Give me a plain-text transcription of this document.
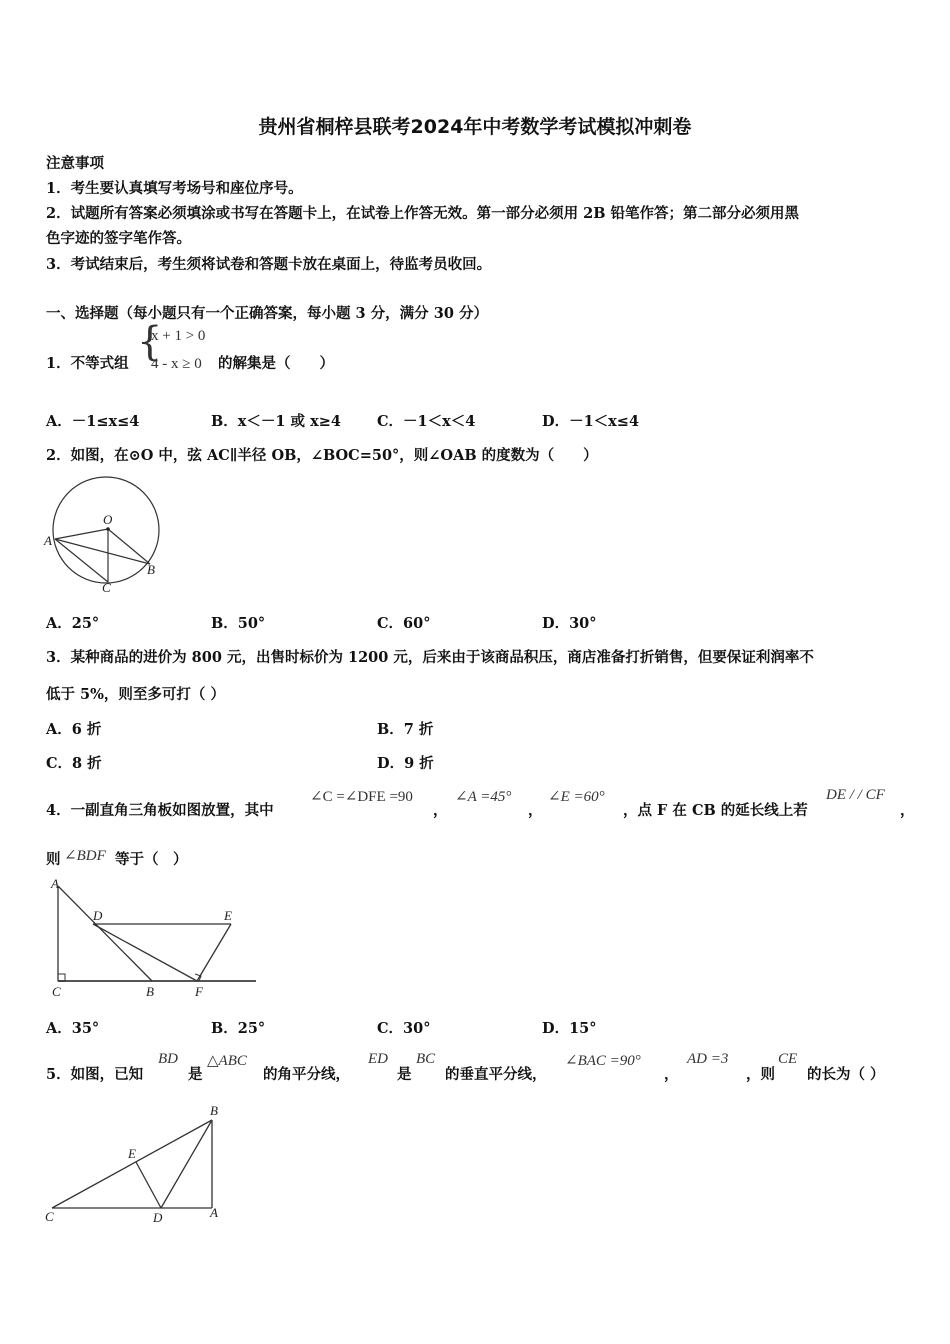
贵州省桐梓县联考2024年中考数学考试模拟冲刺卷
注意事项
1．考生要认真填写考场号和座位序号。
2．试题所有答案必须填涂或书写在答题卡上，在试卷上作答无效。第一部分必须用 2B 铅笔作答；第二部分必须用黑
色字迹的签字笔作答。
3．考试结束后，考生须将试卷和答题卡放在桌面上，待监考员收回。
一、选择题（每小题只有一个正确答案，每小题 3 分，满分 30 分）
1．不等式组 {
x + 1 > 0
4 - x ≥ 0 的解集是（　　）
A．－1≤x≤4	B．x＜－1 或 x≥4 C．－1＜x＜4	D．－1＜x≤4
2．如图，在⊙O 中，弦 AC∥半径 OB，∠BOC=50°，则∠OAB 的度数为（　　）
O
A
B
C
A．25°	B．50°	C．60°	D．30°
3．某种商品的进价为 800 元，出售时标价为 1200 元，后来由于该商品积压，商店准备打折销售，但要保证利润率不
低于 5%，则至多可打（ ）
A．6 折	B．7 折
C．8 折	D．9 折
4．一副直角三角板如图放置，其中
∠C =∠DFE =90
，
∠A =45°
，
∠E =60°
，点 F 在 CB 的延长线上若
DE / / CF
，
则 ∠BDF 等于（　）
A
D	E
C	B	F
A．35°	B．25°	C．30°	D．15°
5．如图，已知
BD
是
△ABC
的角平分线，
ED
是
BC
的垂直平分线，
∠BAC =90°
，
AD =3
，则
CE
的长为（ ）
B
E
C	D	A
